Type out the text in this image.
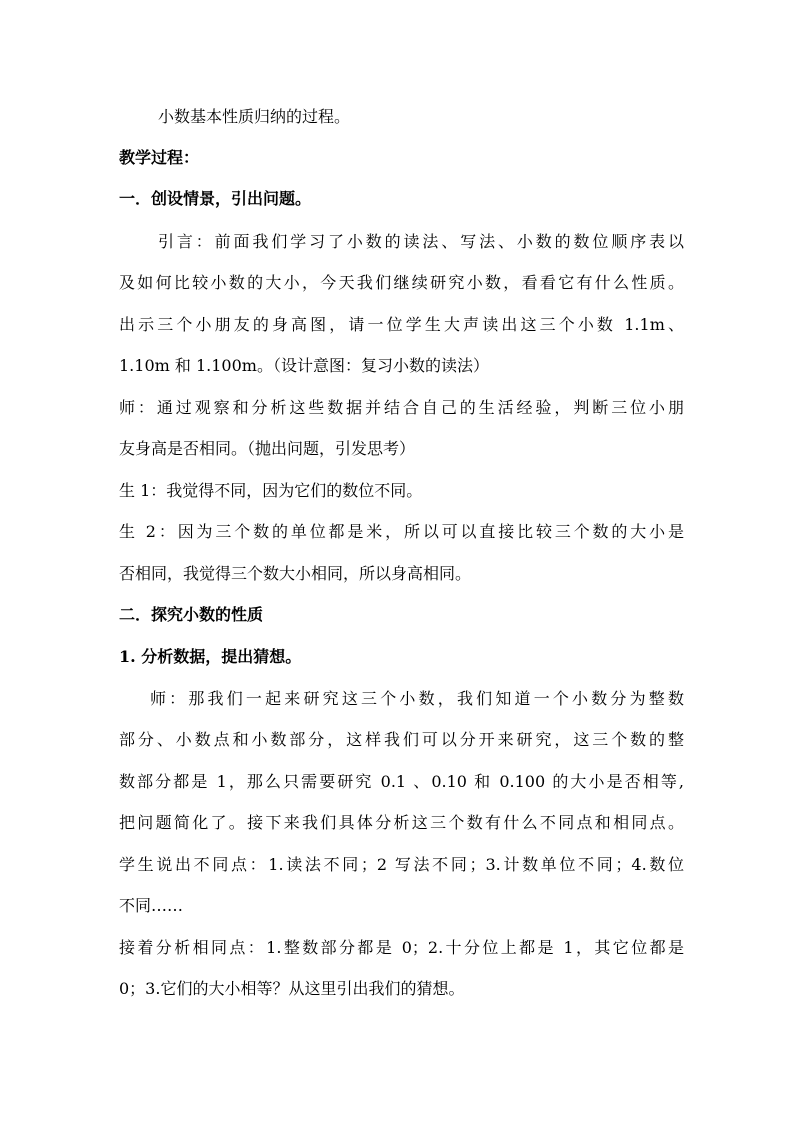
小数基本性质归纳的过程。
教学过程：
一．创设情景，引出问题。
引言：前面我们学习了小数的读法、写法、小数的数位顺序表以
及如何比较小数的大小，今天我们继续研究小数，看看它有什么性质。
出示三个小朋友的身高图，请一位学生大声读出这三个小数 1.1m、
1.10m 和 1.100m。（设计意图：复习小数的读法）
师：通过观察和分析这些数据并结合自己的生活经验，判断三位小朋
友身高是否相同。（抛出问题，引发思考）
生 1：我觉得不同，因为它们的数位不同。
生 2：因为三个数的单位都是米，所以可以直接比较三个数的大小是
否相同，我觉得三个数大小相同，所以身高相同。
二．探究小数的性质
1. 分析数据，提出猜想。
师：那我们一起来研究这三个小数，我们知道一个小数分为整数
部分、小数点和小数部分，这样我们可以分开来研究，这三个数的整
数部分都是 1，那么只需要研究 0.1 、0.10 和 0.100 的大小是否相等,
把问题简化了。接下来我们具体分析这三个数有什么不同点和相同点。
学生说出不同点：1.读法不同；2 写法不同；3.计数单位不同；4.数位
不同……
接着分析相同点：1.整数部分都是 0；2.十分位上都是 1，其它位都是
0；3.它们的大小相等？从这里引出我们的猜想。
